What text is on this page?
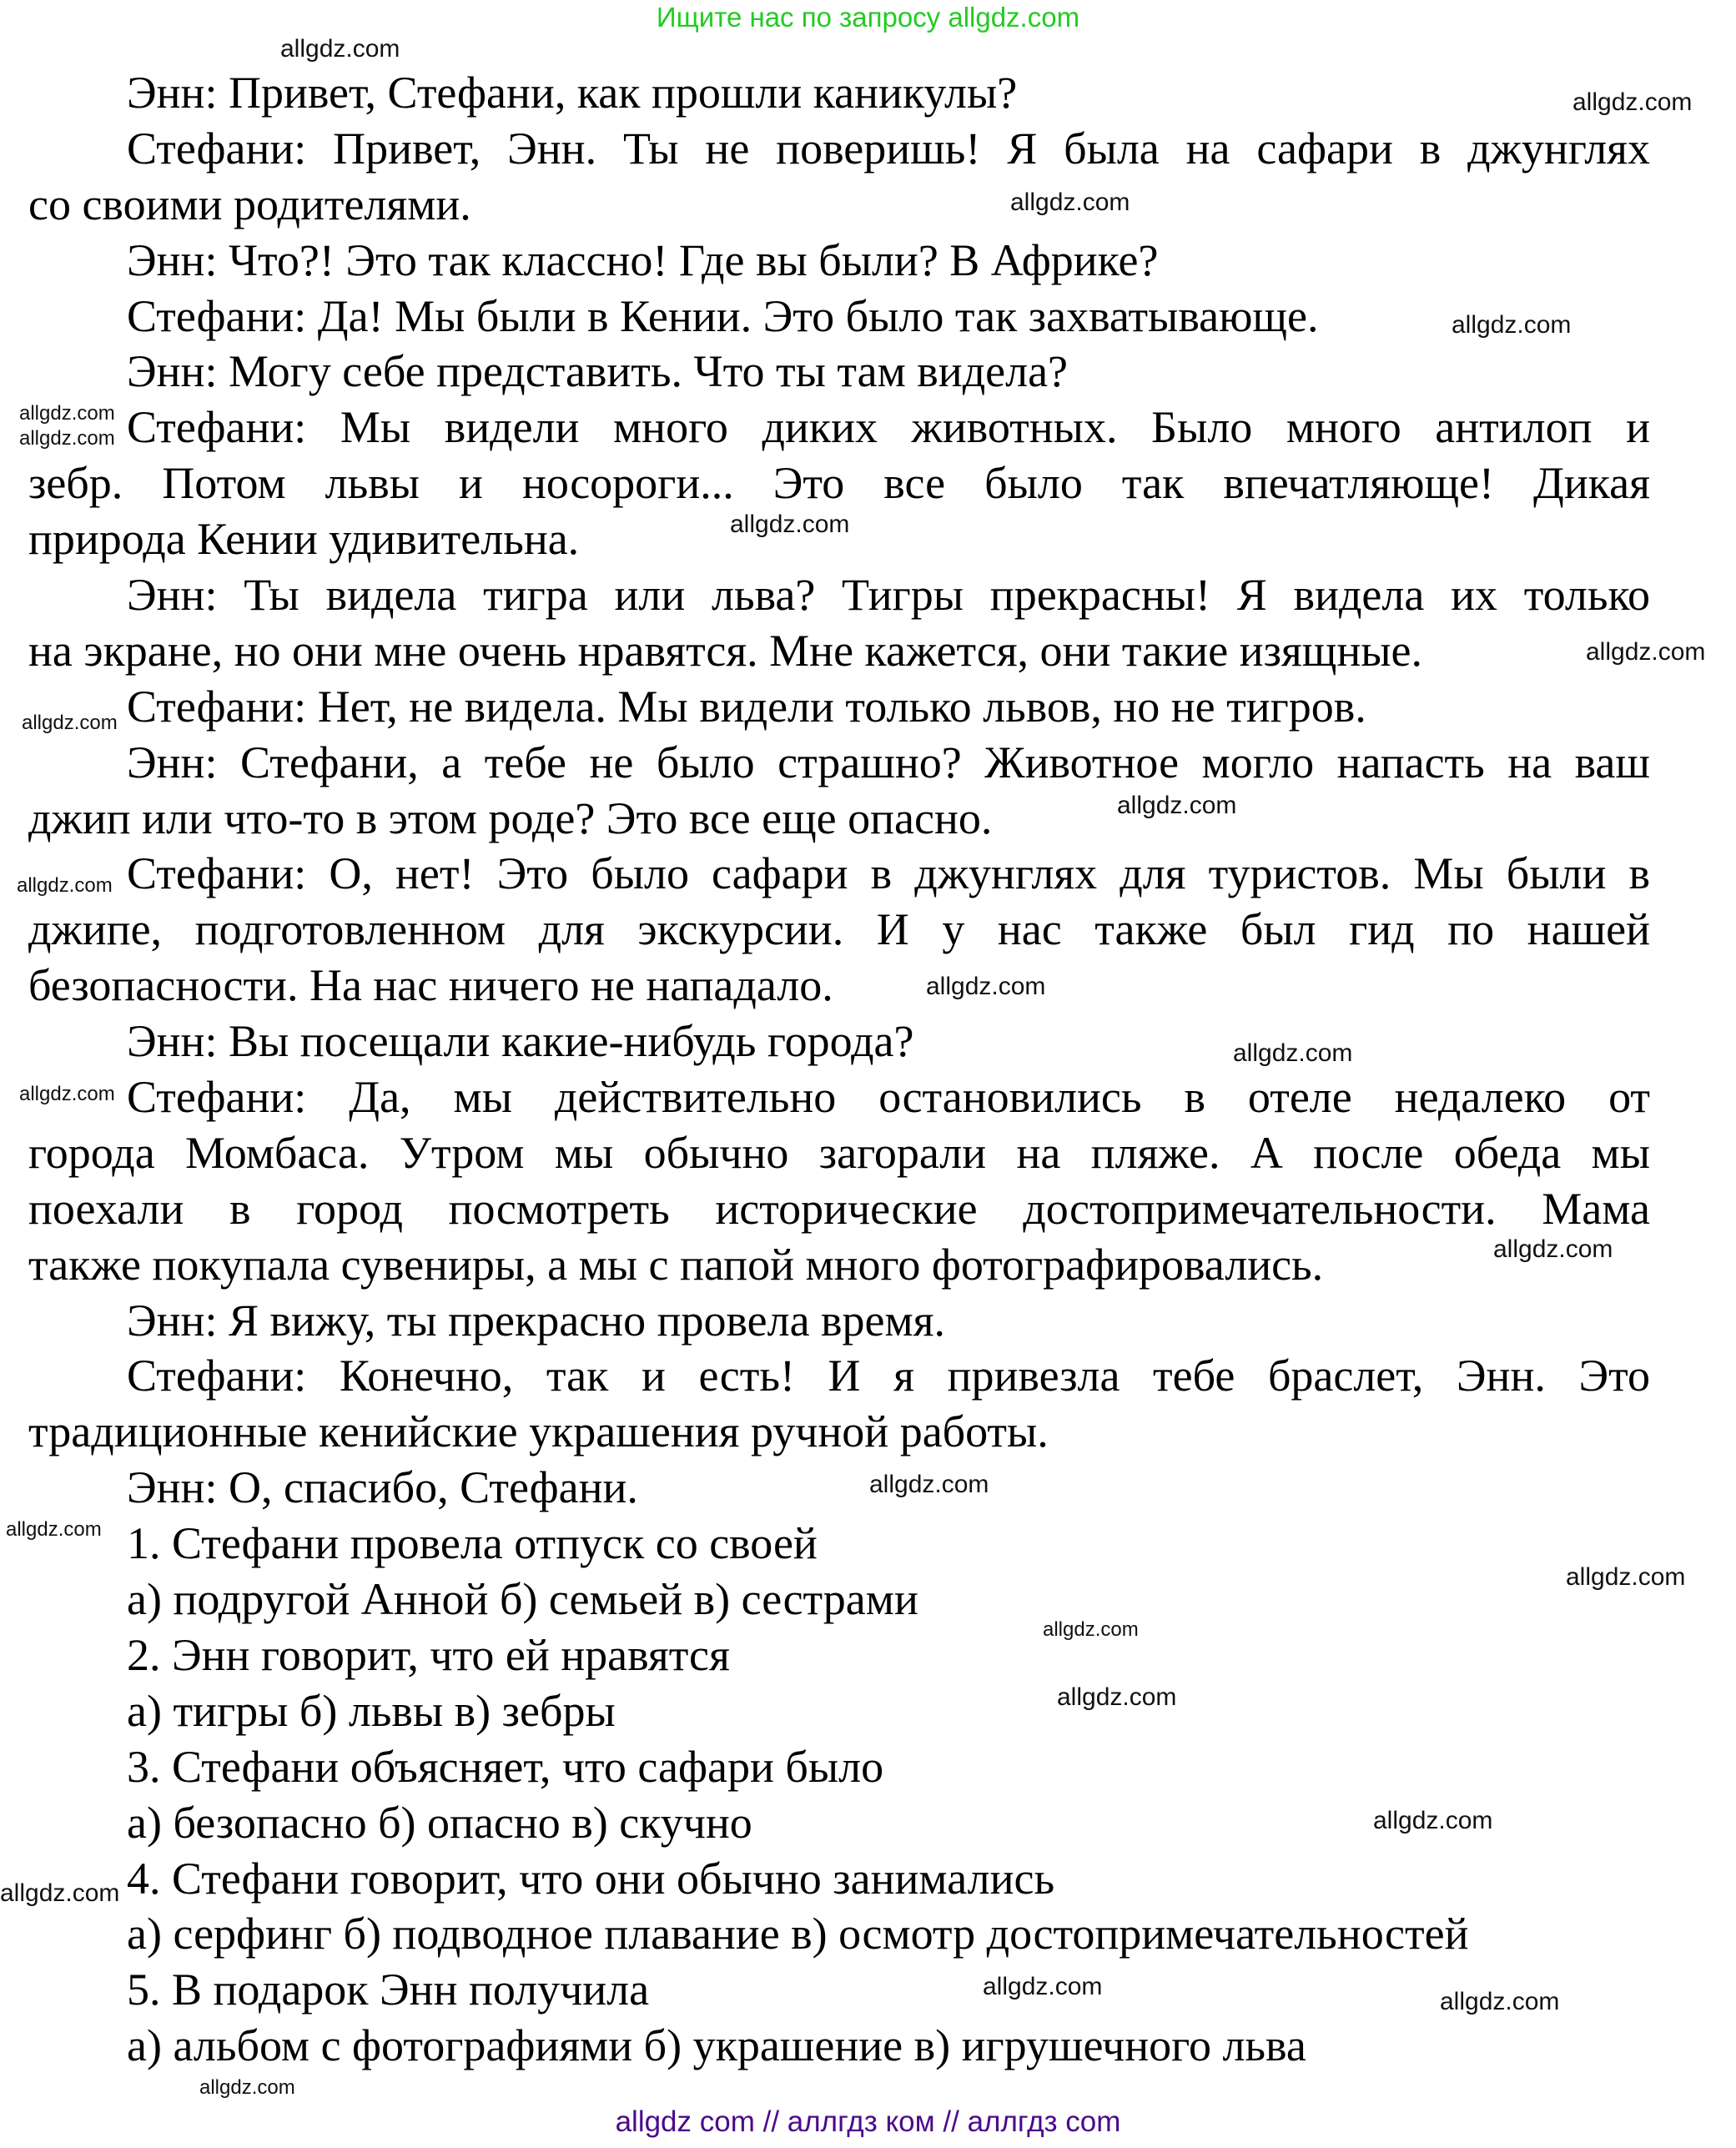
Ищите нас по запросу allgdz.com
Энн: Привет, Стефани, как прошли каникулы?
Стефани: Привет, Энн. Ты не поверишь! Я была на сафари в джунглях
со своими родителями.
Энн: Что?! Это так классно! Где вы были? В Африке?
Стефани: Да! Мы были в Кении. Это было так захватывающе.
Энн: Могу себе представить. Что ты там видела?
Стефани: Мы видели много диких животных. Было много антилоп и
зебр. Потом львы и носороги... Это все было так впечатляюще! Дикая
природа Кении удивительна.
Энн: Ты видела тигра или льва? Тигры прекрасны! Я видела их только
на экране, но они мне очень нравятся. Мне кажется, они такие изящные.
Стефани: Нет, не видела. Мы видели только львов, но не тигров.
Энн: Стефани, а тебе не было страшно? Животное могло напасть на ваш
джип или что-то в этом роде? Это все еще опасно.
Стефани: О, нет! Это было сафари в джунглях для туристов. Мы были в
джипе, подготовленном для экскурсии. И у нас также был гид по нашей
безопасности. На нас ничего не нападало.
Энн: Вы посещали какие-нибудь города?
Стефани: Да, мы действительно остановились в отеле недалеко от
города Момбаса. Утром мы обычно загорали на пляже. А после обеда мы
поехали в город посмотреть исторические достопримечательности. Мама
также покупала сувениры, а мы с папой много фотографировались.
Энн: Я вижу, ты прекрасно провела время.
Стефани: Конечно, так и есть! И я привезла тебе браслет, Энн. Это
традиционные кенийские украшения ручной работы.
Энн: О, спасибо, Стефани.
1. Стефани провела отпуск со своей
а) подругой Анной б) семьей в) сестрами
2. Энн говорит, что ей нравятся
а) тигры б) львы в) зебры
3. Стефани объясняет, что сафари было
а) безопасно б) опасно в) скучно
4. Стефани говорит, что они обычно занимались
а) серфинг б) подводное плавание в) осмотр достопримечательностей
5. В подарок Энн получила
а) альбом с фотографиями б) украшение в) игрушечного льва
allgdz.com
allgdz.com
allgdz.com
allgdz.com
allgdz.com
allgdz.com
allgdz.com
allgdz.com
allgdz.com
allgdz.com
allgdz.com
allgdz.com
allgdz.com
allgdz.com
allgdz.com
allgdz.com
allgdz.com
allgdz.com
allgdz.com
allgdz.com
allgdz.com
allgdz.com
allgdz.com
allgdz.com
allgdz.com
allgdz com // аллгдз ком // аллгдз com
